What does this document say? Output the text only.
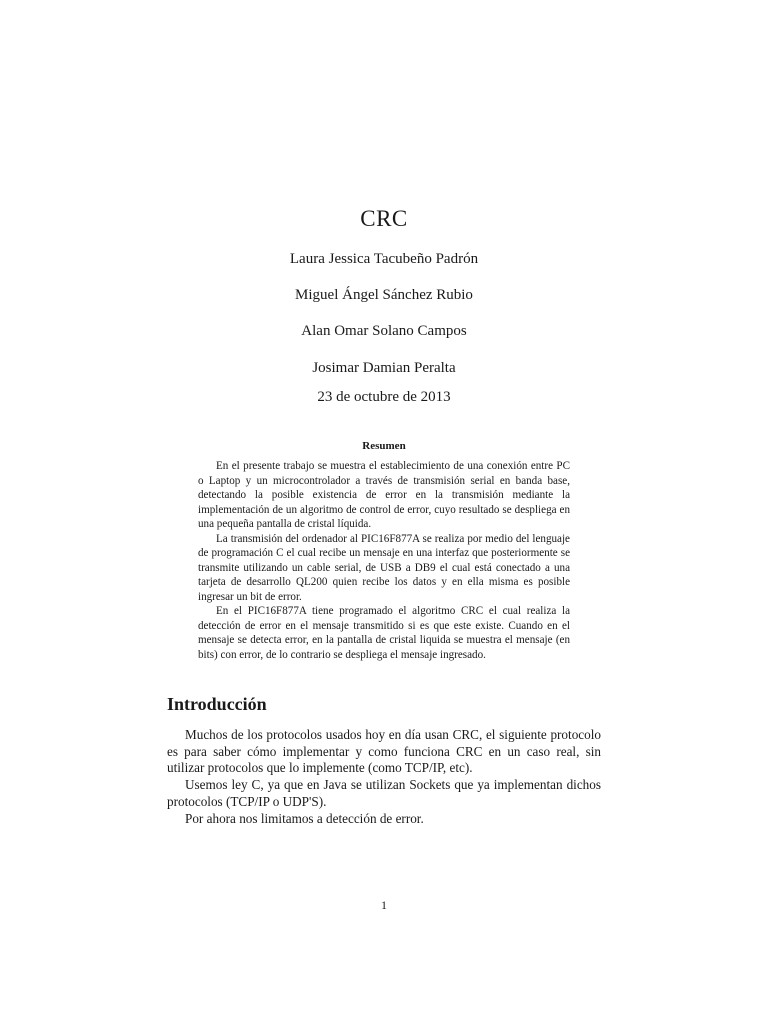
CRC
Laura Jessica Tacubeño Padrón
Miguel Ángel Sánchez Rubio
Alan Omar Solano Campos
Josimar Damian Peralta
23 de octubre de 2013
Resumen

En el presente trabajo se muestra el establecimiento de una conexión entre PC o Laptop y un microcontrolador a través de transmisión serial en banda base, detectando la posible existencia de error en la transmisión mediante la implementación de un algoritmo de control de error, cuyo resultado se despliega en una pequeña pantalla de cristal líquida.

La transmisión del ordenador al PIC16F877A se realiza por medio del lenguaje de programación C el cual recibe un mensaje en una interfaz que posteriormente se transmite utilizando un cable serial, de USB a DB9 el cual está conectado a una tarjeta de desarrollo QL200 quien recibe los datos y en ella misma es posible ingresar un bit de error.

En el PIC16F877A tiene programado el algoritmo CRC el cual realiza la detección de error en el mensaje transmitido si es que este existe. Cuando en el mensaje se detecta error, en la pantalla de cristal liquida se muestra el mensaje (en bits) con error, de lo contrario se despliega el mensaje ingresado.

Introducción

Muchos de los protocolos usados hoy en día usan CRC, el siguiente protocolo es para saber cómo implementar y como funciona CRC en un caso real, sin utilizar protocolos que lo implemente (como TCP/IP, etc).

Usemos ley C, ya que en Java se utilizan Sockets que ya implementan dichos protocolos (TCP/IP o UDP'S).

Por ahora nos limitamos a detección de error.

1
